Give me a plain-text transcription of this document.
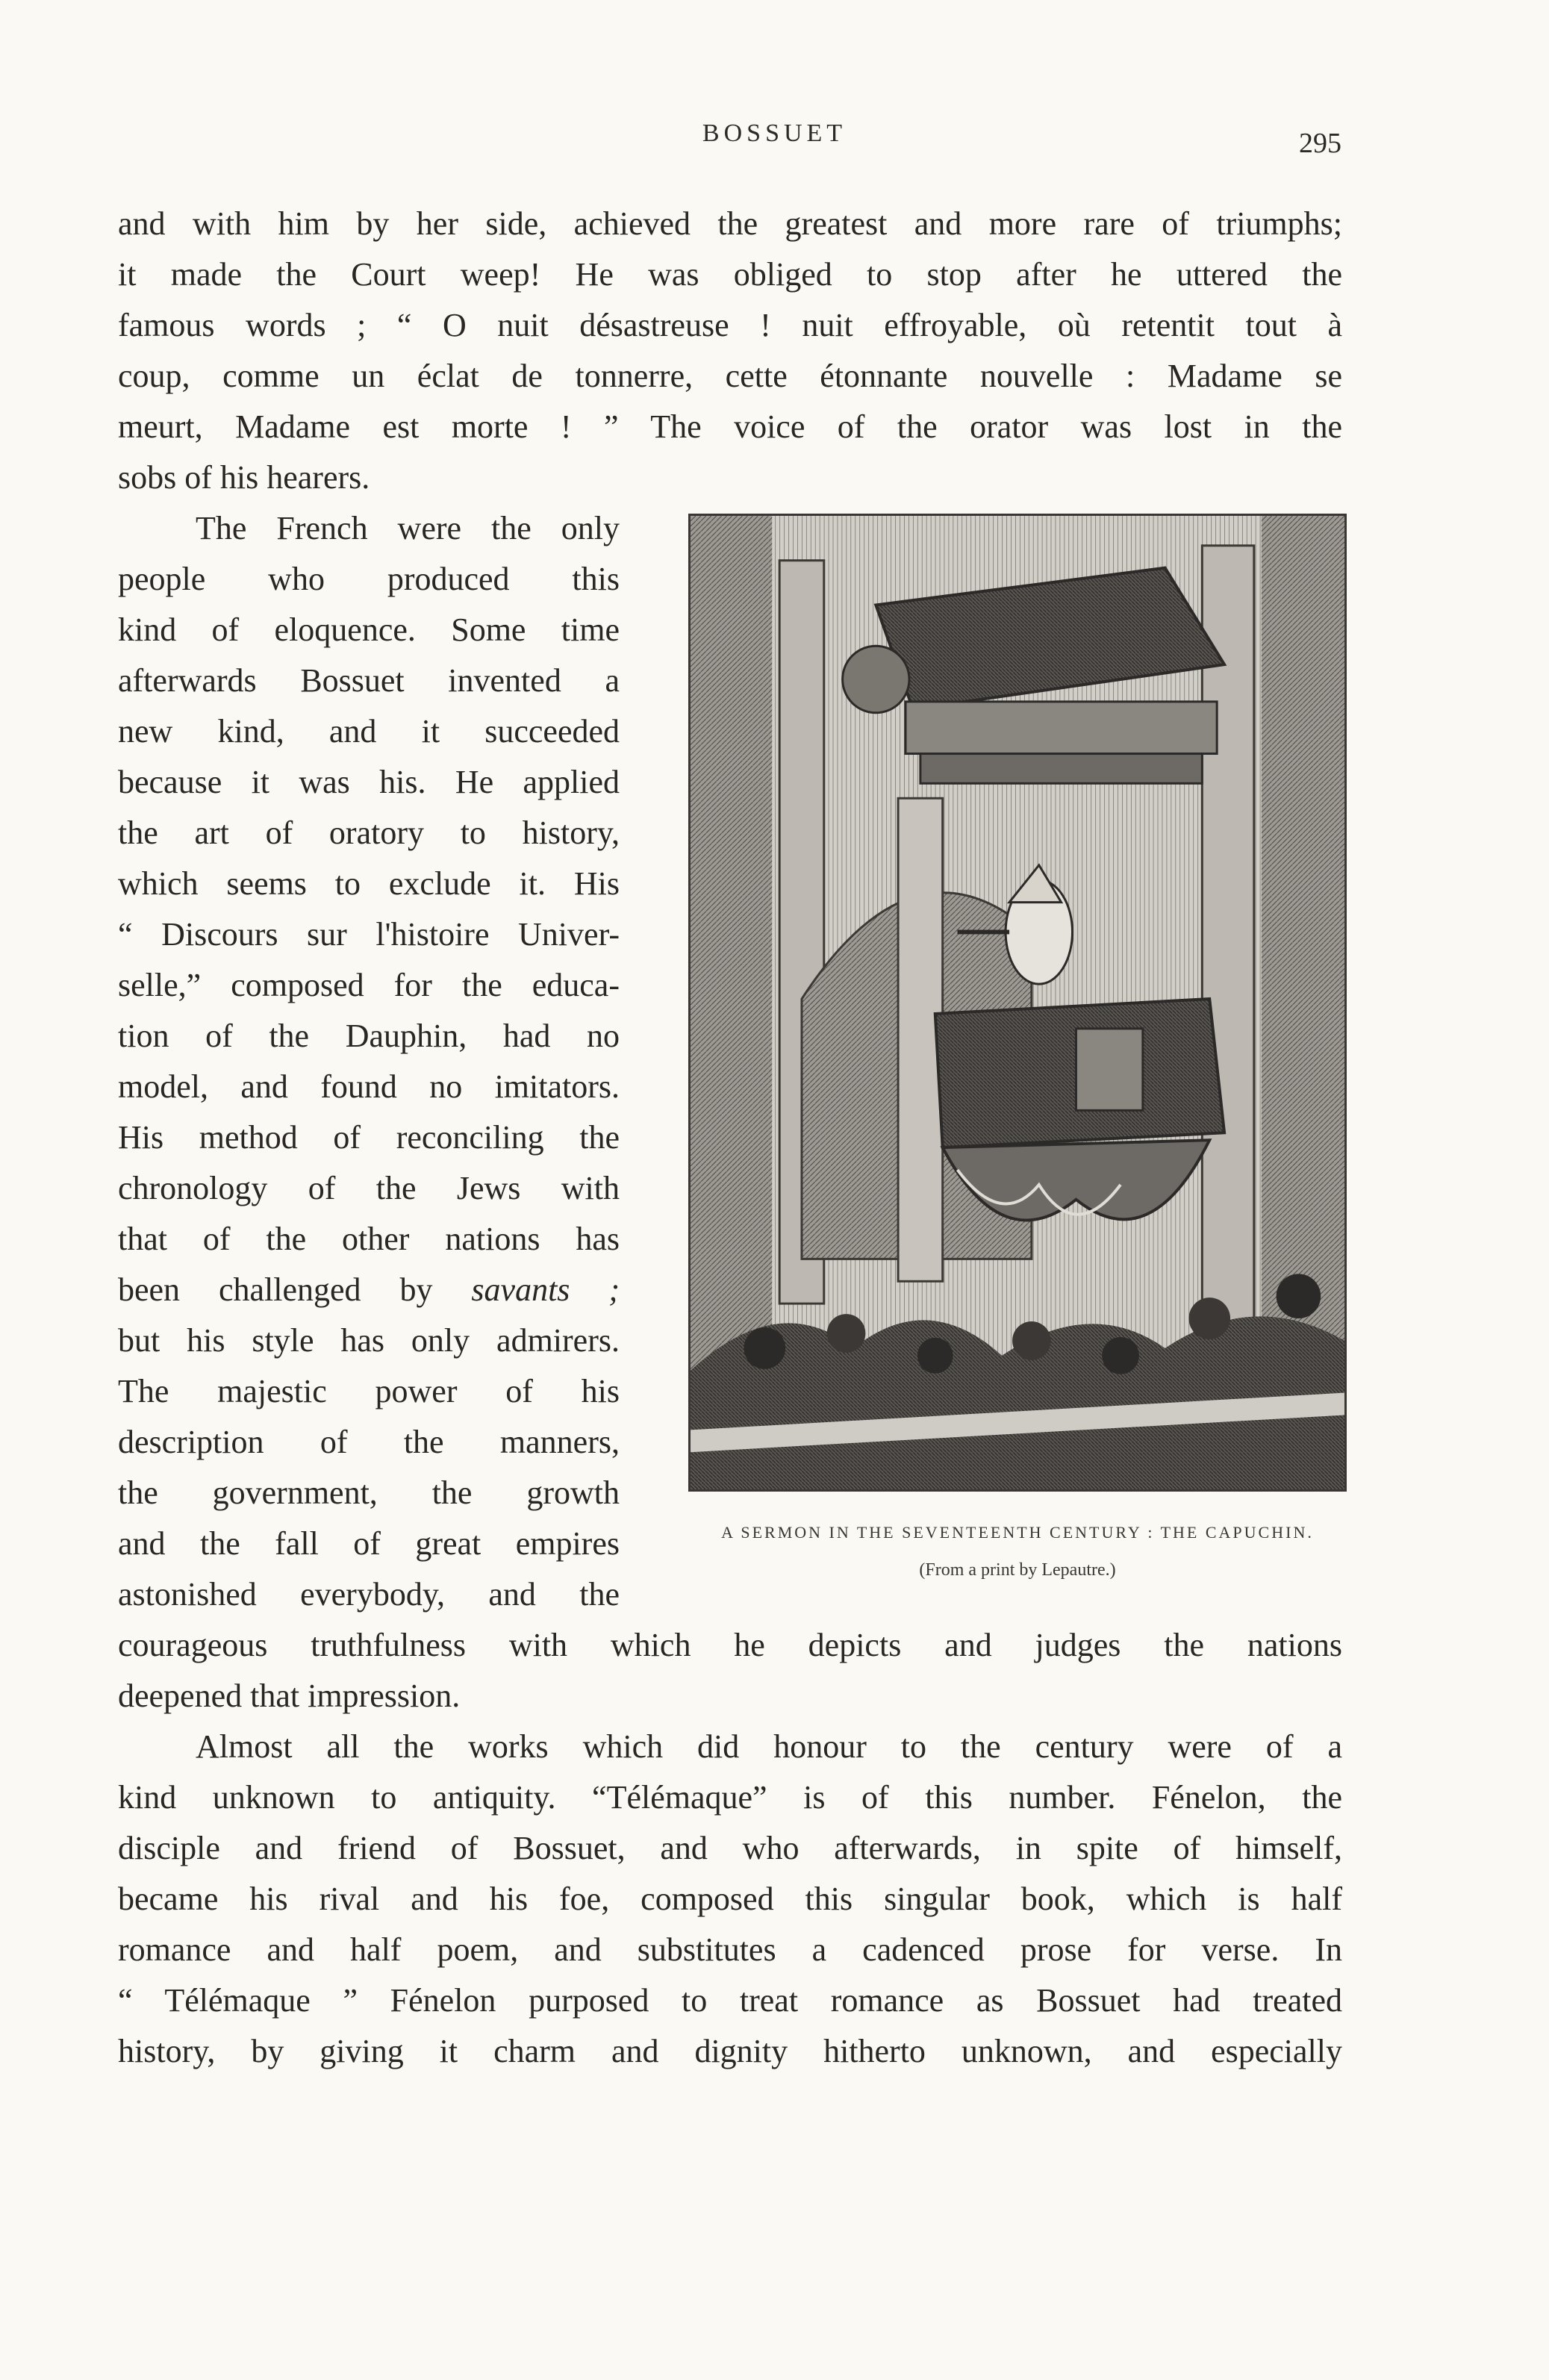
BOSSUET	295
and with him by her side, achieved the greatest and more rare of triumphs;
it made the Court weep! He was obliged to stop after he uttered the
famous words ; “ O nuit désastreuse ! nuit effroyable, où retentit tout à
coup, comme un éclat de tonnerre, cette étonnante nouvelle : Madame se
meurt, Madame est morte ! ” The voice of the orator was lost in the
sobs of his hearers.
The French were the only
people who produced this
kind of eloquence. Some time
afterwards Bossuet invented a
new kind, and it succeeded
because it was his. He applied
the art of oratory to history,
which seems to exclude it. His
“ Discours sur l'histoire Univer-
selle,” composed for the educa-
tion of the Dauphin, had no
model, and found no imitators.
His method of reconciling the
chronology of the Jews with
that of the other nations has
been challenged by savants ;
but his style has only admirers.
The majestic power of his
description of the manners,
the government, the growth
and the fall of great empires
astonished everybody, and the
courageous truthfulness with which he depicts and judges the nations
deepened that impression.
Almost all the works which did honour to the century were of a
kind unknown to antiquity. “Télémaque” is of this number. Fénelon, the
disciple and friend of Bossuet, and who afterwards, in spite of himself,
became his rival and his foe, composed this singular book, which is half
romance and half poem, and substitutes a cadenced prose for verse. In
“ Télémaque ” Fénelon purposed to treat romance as Bossuet had treated
history, by giving it charm and dignity hitherto unknown, and especially
A SERMON IN THE SEVENTEENTH CENTURY : THE CAPUCHIN.
(From a print by Lepautre.)
